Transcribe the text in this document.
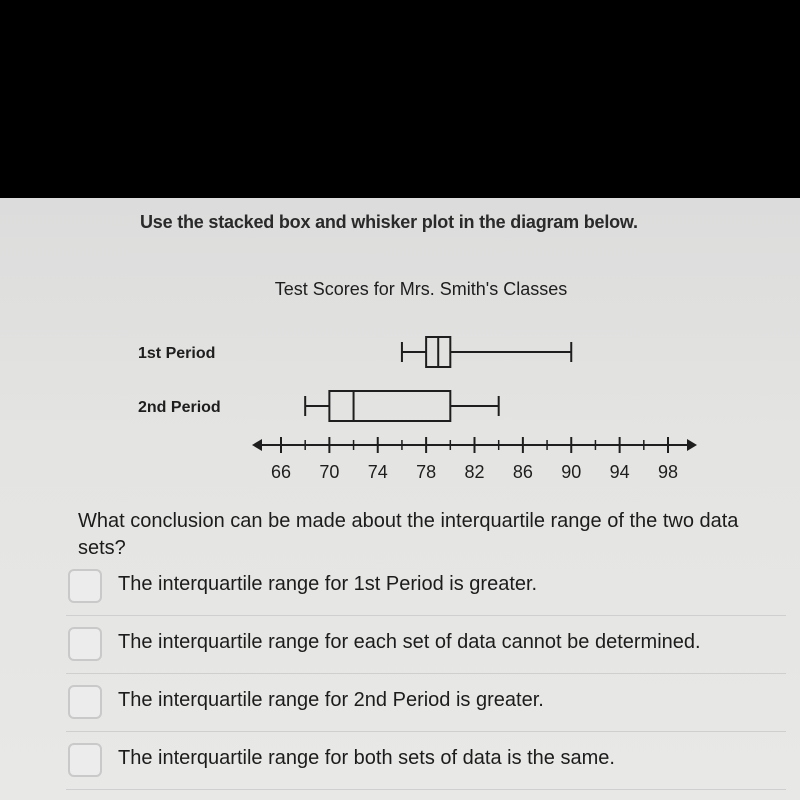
Use the stacked box and whisker plot in the diagram below.
Test Scores for Mrs. Smith's Classes
1st Period
2nd Period
66 70 74 78 82 86 90 94 98
What conclusion can be made about the interquartile range of the two data sets?
The interquartile range for 1st Period is greater.
The interquartile range for each set of data cannot be determined.
The interquartile range for 2nd Period is greater.
The interquartile range for both sets of data is the same.
